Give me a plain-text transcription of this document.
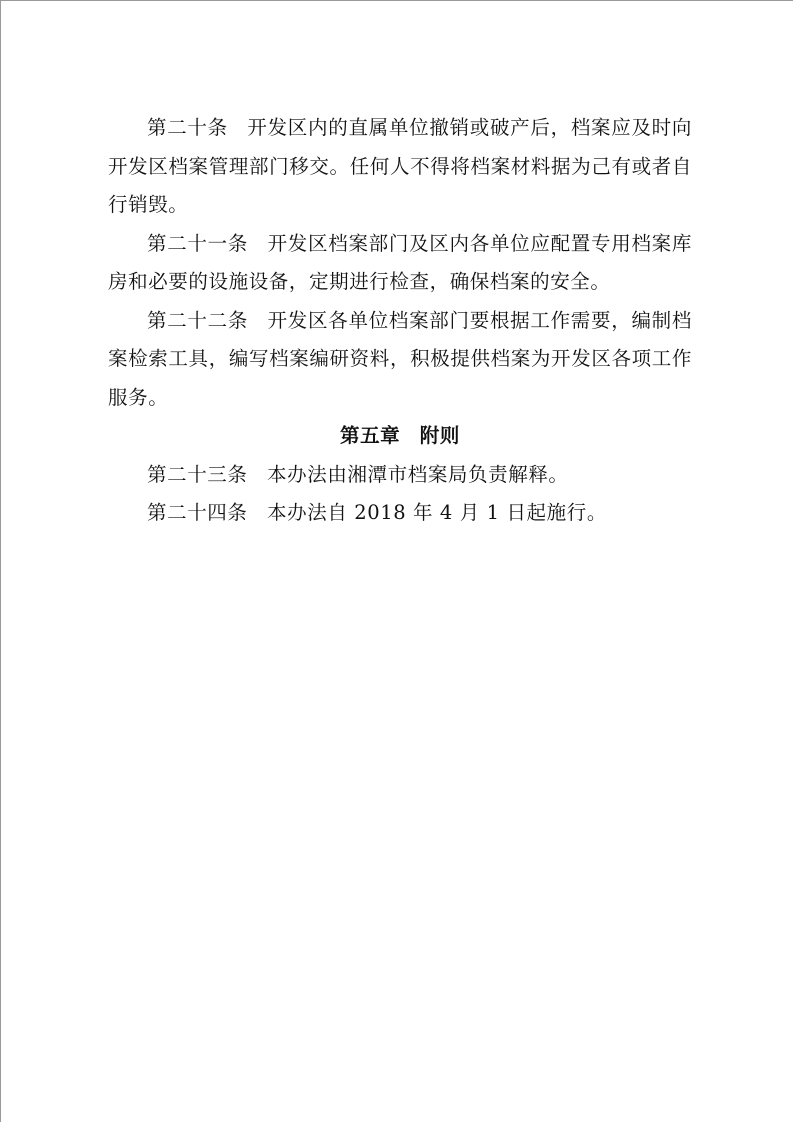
第二十条 开发区内的直属单位撤销或破产后，档案应及时向开发区档案管理部门移交。任何人不得将档案材料据为己有或者自行销毁。

第二十一条 开发区档案部门及区内各单位应配置专用档案库房和必要的设施设备，定期进行检查，确保档案的安全。

第二十二条 开发区各单位档案部门要根据工作需要，编制档案检索工具，编写档案编研资料，积极提供档案为开发区各项工作服务。

第五章 附则

第二十三条 本办法由湘潭市档案局负责解释。

第二十四条 本办法自 2018 年 4 月 1 日起施行。
